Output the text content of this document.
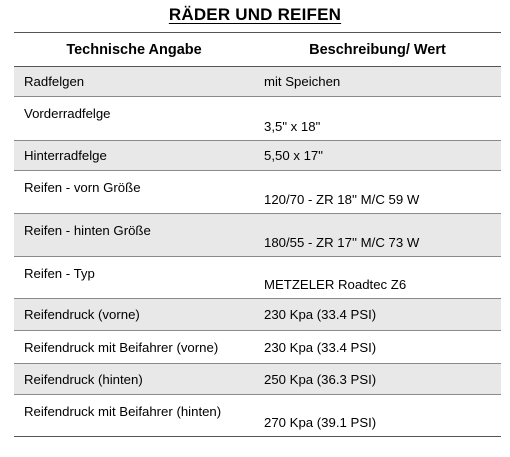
RÄDER UND REIFEN
Technische Angabe	Beschreibung/ Wert
Radfelgen	mit Speichen
Vorderradfelge	3,5" x 18"
Hinterradfelge	5,50 x 17"
Reifen - vorn Größe	120/70 - ZR 18'' M/C 59 W
Reifen - hinten Größe	180/55 - ZR 17'' M/C 73 W
Reifen - Typ	METZELER Roadtec Z6
Reifendruck (vorne)	230 Kpa (33.4 PSI)
Reifendruck mit Beifahrer (vorne)	230 Kpa (33.4 PSI)
Reifendruck (hinten)	250 Kpa (36.3 PSI)
Reifendruck mit Beifahrer (hinten)	270 Kpa (39.1 PSI)
